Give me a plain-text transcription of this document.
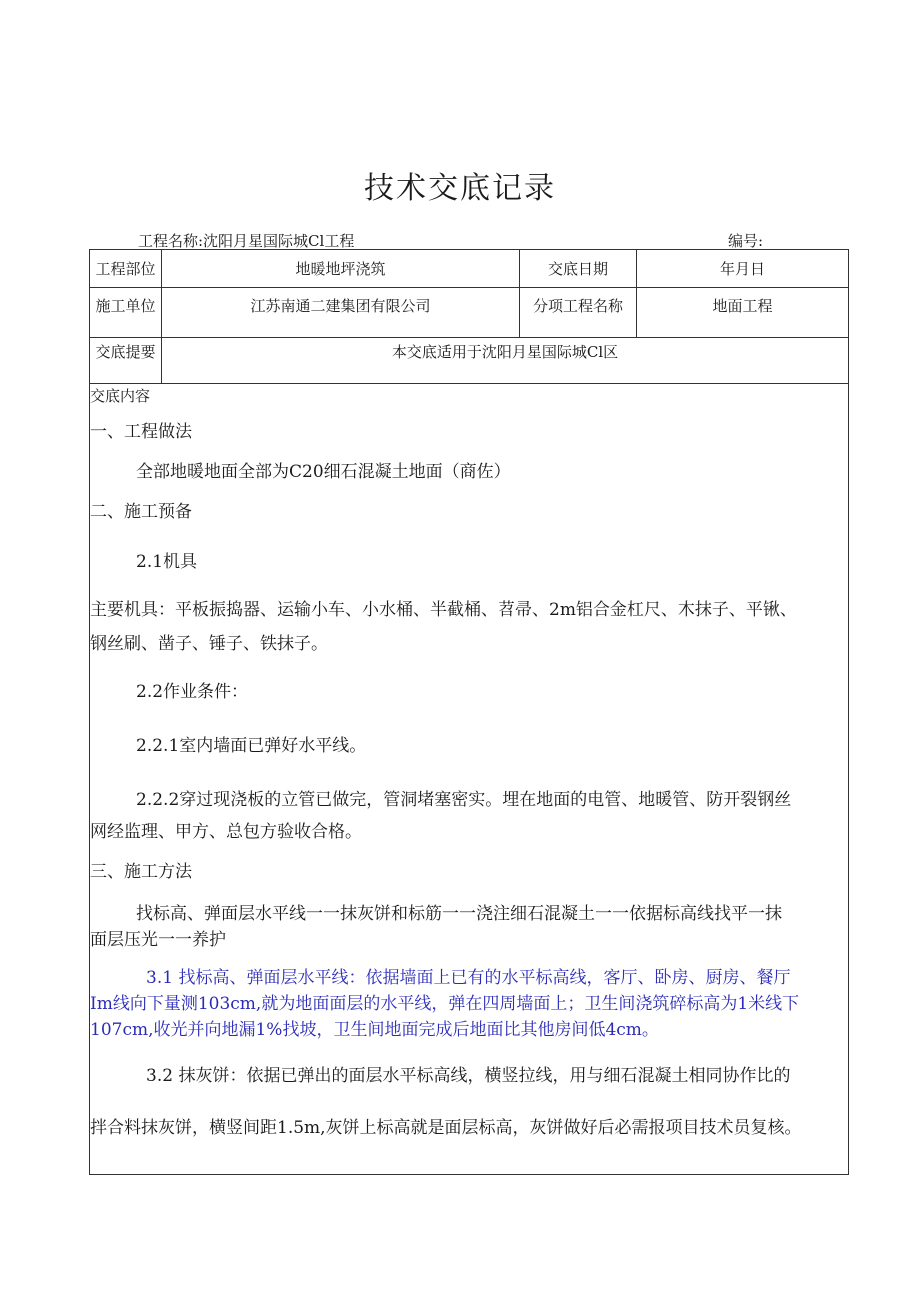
技术交底记录
工程名称:沈阳月星国际城Cl工程	编号:
工程部位	地暖地坪浇筑	交底日期	年月日
施工单位	江苏南通二建集团有限公司	分项工程名称	地面工程
交底提要	本交底适用于沈阳月星国际城Cl区
交底内容
一、工程做法
全部地暖地面全部为C20细石混凝土地面（商佐）
二、施工预备
2.1机具
主要机具：平板振捣器、运输小车、小水桶、半截桶、苕帚、2m铝合金杠尺、木抹子、平锹、
钢丝刷、凿子、锤子、铁抹子。
2.2作业条件：
2.2.1室内墙面已弹好水平线。
2.2.2穿过现浇板的立管已做完，管洞堵塞密实。埋在地面的电管、地暖管、防开裂钢丝
网经监理、甲方、总包方验收合格。
三、施工方法
找标高、弹面层水平线一一抹灰饼和标筋一一浇注细石混凝土一一依据标高线找平一抹
面层压光一一养护
3.1 找标高、弹面层水平线：依据墙面上已有的水平标高线，客厅、卧房、厨房、餐厅
Im线向下量测103cm,就为地面面层的水平线，弹在四周墙面上；卫生间浇筑碎标高为1米线下
107cm,收光并向地漏1%找坡，卫生间地面完成后地面比其他房间低4cm。
3.2 抹灰饼：依据已弹出的面层水平标高线，横竖拉线，用与细石混凝土相同协作比的
拌合料抹灰饼，横竖间距1.5m,灰饼上标高就是面层标高，灰饼做好后必需报项目技术员复核。
